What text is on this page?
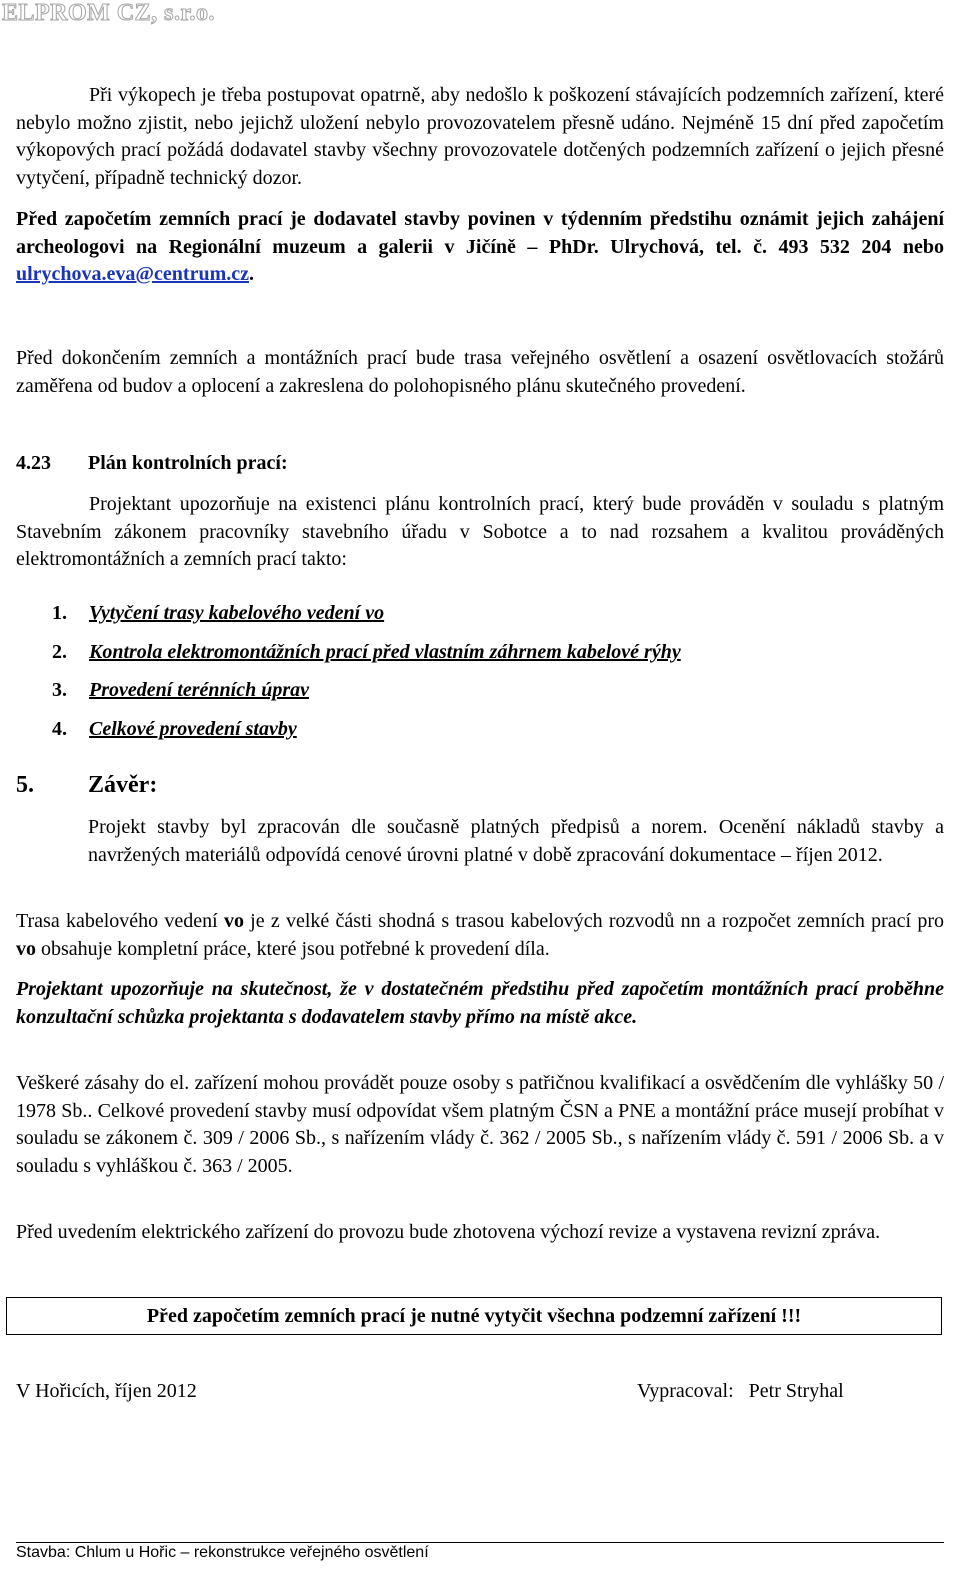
ELPROM CZ, s.r.o.
Při výkopech je třeba postupovat opatrně, aby nedošlo k poškození stávajících podzemních zařízení, které nebylo možno zjistit, nebo jejichž uložení nebylo provozovatelem přesně udáno. Nejméně 15 dní před započetím výkopových prací požádá dodavatel stavby všechny provozovatele dotčených podzemních zařízení o jejich přesné vytyčení, případně technický dozor.
Před započetím zemních prací je dodavatel stavby povinen v týdenním předstihu oznámit jejich zahájení archeologovi na Regionální muzeum a galerii v Jičíně – PhDr. Ulrychová, tel. č. 493 532 204 nebo ulrychova.eva@centrum.cz.
Před dokončením zemních a montážních prací bude trasa veřejného osvětlení a osazení osvětlovacích stožárů zaměřena od budov a oplocení a zakreslena do polohopisného plánu skutečného provedení.
4.23 Plán kontrolních prací:
Projektant upozorňuje na existenci plánu kontrolních prací, který bude prováděn v souladu s platným Stavebním zákonem pracovníky stavebního úřadu v Sobotce a to nad rozsahem a kvalitou prováděných elektromontážních a zemních prací takto:
1. Vytyčení trasy kabelového vedení vo
2. Kontrola elektromontážních prací před vlastním záhrnem kabelové rýhy
3. Provedení terénních úprav
4. Celkové provedení stavby
5. Závěr:
Projekt stavby byl zpracován dle současně platných předpisů a norem. Ocenění nákladů stavby a navržených materiálů odpovídá cenové úrovni platné v době zpracování dokumentace – říjen 2012.
Trasa kabelového vedení vo je z velké části shodná s trasou kabelových rozvodů nn a rozpočet zemních prací pro vo obsahuje kompletní práce, které jsou potřebné k provedení díla.
Projektant upozorňuje na skutečnost, že v dostatečném předstihu před započetím montážních prací proběhne konzultační schůzka projektanta s dodavatelem stavby přímo na místě akce.
Veškeré zásahy do el. zařízení mohou provádět pouze osoby s patřičnou kvalifikací a osvědčením dle vyhlášky 50 / 1978 Sb.. Celkové provedení stavby musí odpovídat všem platným ČSN a PNE a montážní práce musejí probíhat v souladu se zákonem č. 309 / 2006 Sb., s nařízením vlády č. 362 / 2005 Sb., s nařízením vlády č. 591 / 2006 Sb. a v souladu s vyhláškou č. 363 / 2005.
Před uvedením elektrického zařízení do provozu bude zhotovena výchozí revize a vystavena revizní zpráva.
Před započetím zemních prací je nutné vytyčit všechna podzemní zařízení !!!
V Hořicích, říjen 2012	Vypracoval: Petr Stryhal
Stavba: Chlum u Hořic – rekonstrukce veřejného osvětlení
